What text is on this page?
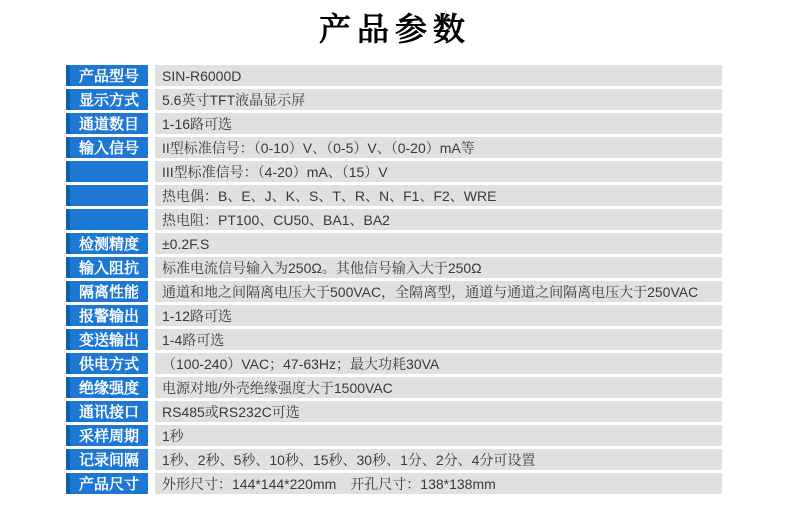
产品参数
产品型号	SIN-R6000D
显示方式	5.6英寸TFT液晶显示屏
通道数目	1-16路可选
输入信号	II型标准信号：（0-10）V、（0-5）V、（0-20）mA等
III型标准信号：（4-20）mA、（15）V
热电偶：B、E、J、K、S、T、R、N、F1、F2、WRE
热电阻：PT100、CU50、BA1、BA2
检测精度	±0.2F.S
输入阻抗	标准电流信号输入为250Ω。其他信号输入大于250Ω
隔离性能	通道和地之间隔离电压大于500VAC，全隔离型，通道与通道之间隔离电压大于250VAC
报警输出	1-12路可选
变送输出	1-4路可选
供电方式	（100-240）VAC；47-63Hz；最大功耗30VA
绝缘强度	电源对地/外壳绝缘强度大于1500VAC
通讯接口	RS485或RS232C可选
采样周期	1秒
记录间隔	1秒、2秒、5秒、10秒、15秒、30秒、1分、2分、4分可设置
产品尺寸	外形尺寸：144*144*220mm　开孔尺寸：138*138mm
